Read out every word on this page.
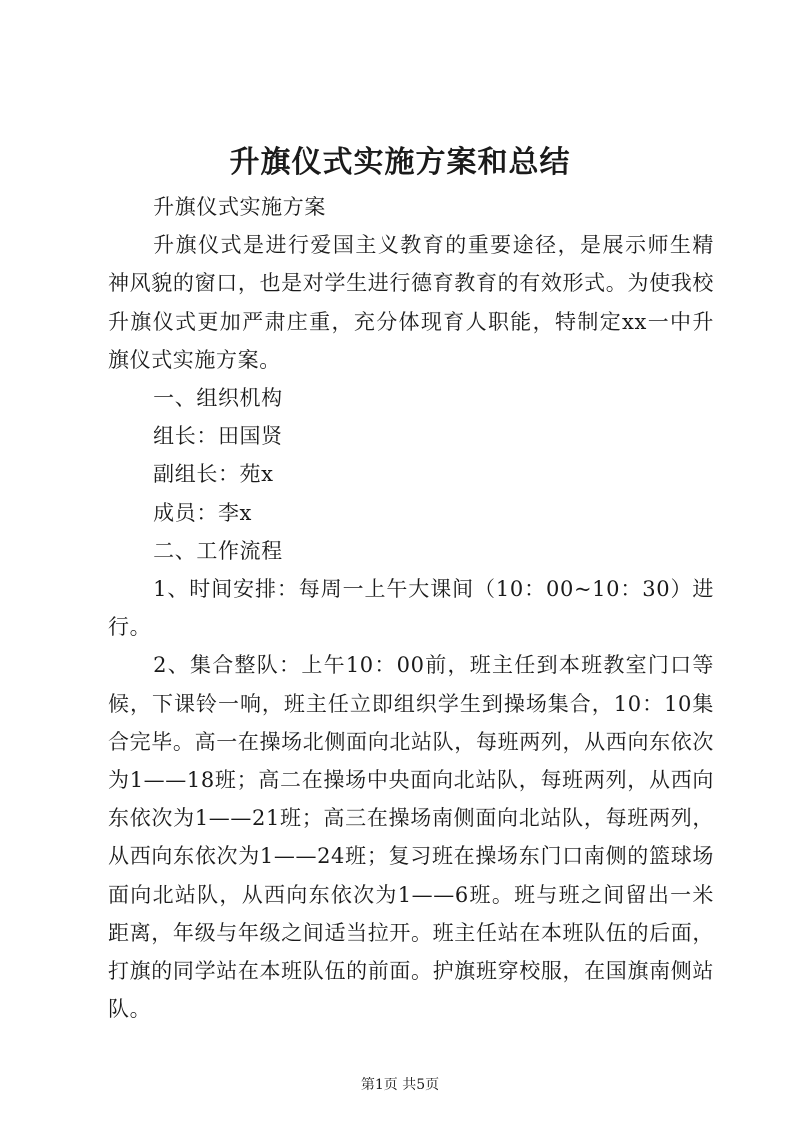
升旗仪式实施方案和总结

升旗仪式实施方案

升旗仪式是进行爱国主义教育的重要途径，是展示师生精神风貌的窗口，也是对学生进行德育教育的有效形式。为使我校升旗仪式更加严肃庄重，充分体现育人职能，特制定xx一中升旗仪式实施方案。

一、组织机构

组长：田国贤

副组长：苑x

成员：李x

二、工作流程

1、时间安排：每周一上午大课间（10：00~10：30）进行。

2、集合整队：上午10：00前，班主任到本班教室门口等候，下课铃一响，班主任立即组织学生到操场集合，10：10集合完毕。高一在操场北侧面向北站队，每班两列，从西向东依次为1——18班；高二在操场中央面向北站队，每班两列，从西向东依次为1——21班；高三在操场南侧面向北站队，每班两列，从西向东依次为1——24班；复习班在操场东门口南侧的篮球场面向北站队，从西向东依次为1——6班。班与班之间留出一米距离，年级与年级之间适当拉开。班主任站在本班队伍的后面，打旗的同学站在本班队伍的前面。护旗班穿校服，在国旗南侧站队。

第1页 共5页
